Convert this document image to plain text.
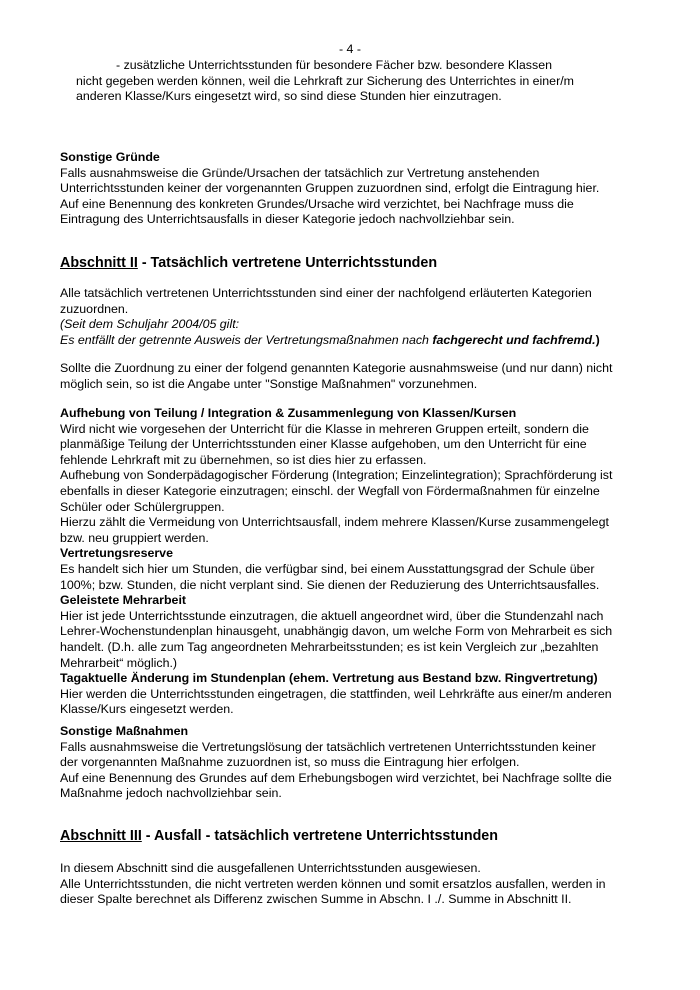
- 4 -

- zusätzliche Unterrichtsstunden für besondere Fächer bzw. besondere Klassen

nicht gegeben werden können, weil die Lehrkraft zur Sicherung des Unterrichtes in einer/m
anderen Klasse/Kurs eingesetzt wird, so sind diese Stunden hier einzutragen.

Sonstige Gründe

Falls ausnahmsweise die Gründe/Ursachen der tatsächlich zur Vertretung anstehenden
Unterrichtsstunden keiner der vorgenannten Gruppen zuzuordnen sind, erfolgt die Eintragung hier.
Auf eine Benennung des konkreten Grundes/Ursache wird verzichtet, bei Nachfrage muss die
Eintragung des Unterrichtsausfalls in dieser Kategorie jedoch nachvollziehbar sein.

Abschnitt II - Tatsächlich vertretene Unterrichtsstunden

Alle tatsächlich vertretenen Unterrichtsstunden sind einer der nachfolgend erläuterten Kategorien
zuzuordnen.

(Seit dem Schuljahr 2004/05 gilt:

Es entfällt der getrennte Ausweis der Vertretungsmaßnahmen nach fachgerecht und fachfremd.)

Sollte die Zuordnung zu einer der folgend genannten Kategorie ausnahmsweise (und nur dann) nicht
möglich sein, so ist die Angabe unter "Sonstige Maßnahmen" vorzunehmen.

Aufhebung von Teilung / Integration & Zusammenlegung von Klassen/Kursen

Wird nicht wie vorgesehen der Unterricht für die Klasse in mehreren Gruppen erteilt, sondern die
planmäßige Teilung der Unterrichtsstunden einer Klasse aufgehoben, um den Unterricht für eine
fehlende Lehrkraft mit zu übernehmen, so ist dies hier zu erfassen.
Aufhebung von Sonderpädagogischer Förderung (Integration; Einzelintegration); Sprachförderung ist
ebenfalls in dieser Kategorie einzutragen; einschl. der Wegfall von Fördermaßnahmen für einzelne
Schüler oder Schülergruppen.
Hierzu zählt die Vermeidung von Unterrichtsausfall, indem mehrere Klassen/Kurse zusammengelegt
bzw. neu gruppiert werden.

Vertretungsreserve

Es handelt sich hier um Stunden, die verfügbar sind, bei einem Ausstattungsgrad der Schule über
100%; bzw. Stunden, die nicht verplant sind. Sie dienen der Reduzierung des Unterrichtsausfalles.

Geleistete Mehrarbeit

Hier ist jede Unterrichtsstunde einzutragen, die aktuell angeordnet wird, über die Stundenzahl nach
Lehrer-Wochenstundenplan hinausgeht, unabhängig davon, um welche Form von Mehrarbeit es sich
handelt. (D.h. alle zum Tag angeordneten Mehrarbeitsstunden; es ist kein Vergleich zur „bezahlten
Mehrarbeit“ möglich.)

Tagaktuelle Änderung im Stundenplan (ehem. Vertretung aus Bestand bzw. Ringvertretung)

Hier werden die Unterrichtsstunden eingetragen, die stattfinden, weil Lehrkräfte aus einer/m anderen
Klasse/Kurs eingesetzt werden.

Sonstige Maßnahmen

Falls ausnahmsweise die Vertretungslösung der tatsächlich vertretenen Unterrichtsstunden keiner
der vorgenannten Maßnahme zuzuordnen ist, so muss die Eintragung hier erfolgen.
Auf eine Benennung des Grundes auf dem Erhebungsbogen wird verzichtet, bei Nachfrage sollte die
Maßnahme jedoch nachvollziehbar sein.

Abschnitt III - Ausfall - tatsächlich vertretene Unterrichtsstunden
In diesem Abschnitt sind die ausgefallenen Unterrichtsstunden ausgewiesen.
Alle Unterrichtsstunden, die nicht vertreten werden können und somit ersatzlos ausfallen, werden in
dieser Spalte berechnet als Differenz zwischen Summe in Abschn. I ./. Summe in Abschnitt II.
